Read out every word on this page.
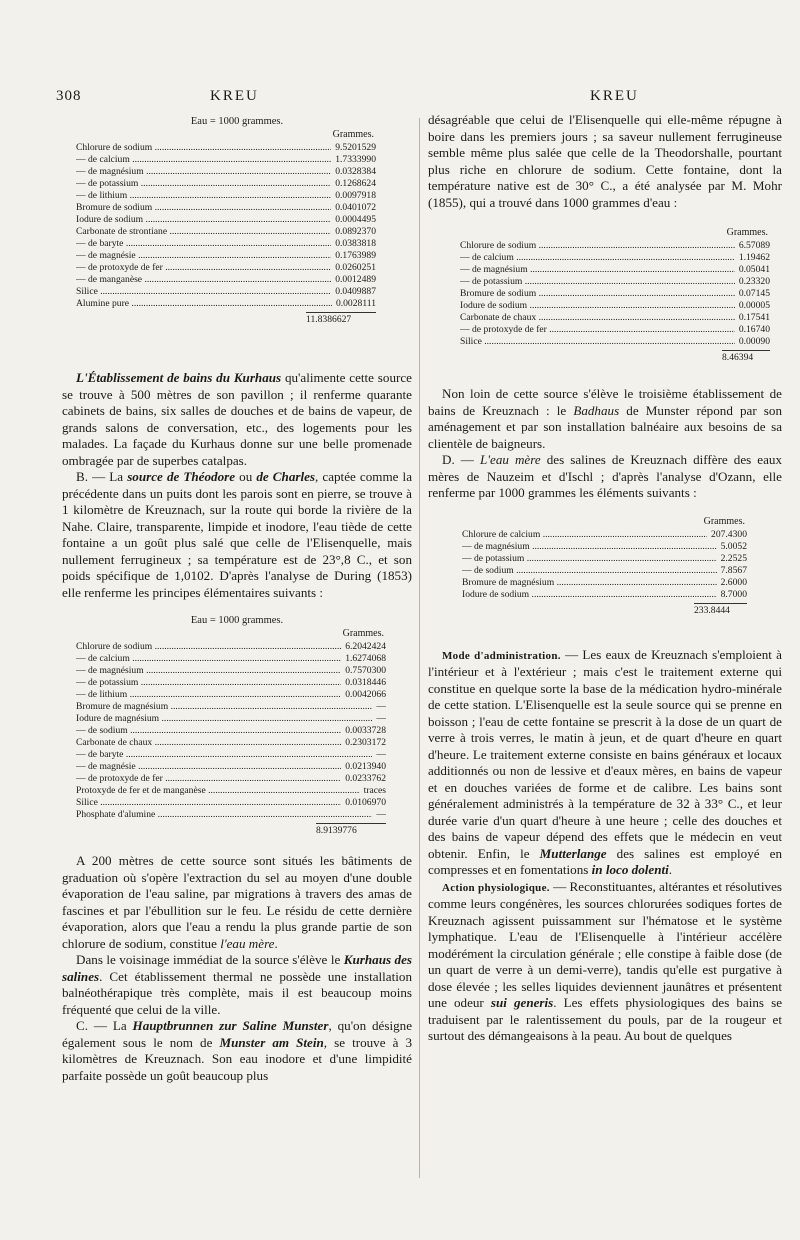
308	KREU	KREU
Eau = 1000 grammes.
Grammes.
Chlorure de sodium .....	9.5201529
— de calcium .....	1.7333990
— de magnésium .....	0.0328384
— de potassium .....	0.1268624
— de lithium .....	0.0097918
Bromure de sodium .....	0.0401072
Iodure de sodium .....	0.0004495
Carbonate de strontiane .....	0.0892370
— de baryte .....	0.0383818
— de magnésie .....	0.1763989
— de protoxyde de fer .....	0.0260251
— de manganèse .....	0.0012489
Silice .....	0.0409887
Alumine pure .....	0.0028111
11.8386627

L'Établissement de bains du Kurhaus qu'alimente cette source se trouve à 500 mètres de son pavillon ; il renferme quarante cabinets de bains, six salles de douches et de bains de vapeur, de grands salons de conversation, etc., des logements pour les malades. La façade du Kurhaus donne sur une belle promenade ombragée par de superbes catalpas.

B. — La source de Théodore ou de Charles, captée comme la précédente dans un puits dont les parois sont en pierre, se trouve à 1 kilomètre de Kreuznach, sur la route qui borde la rivière de la Nahe. Claire, transparente, limpide et inodore, l'eau tiède de cette fontaine a un goût plus salé que celle de l'Elisenquelle, mais nullement ferrugineux ; sa température est de 23°,8 C., et son poids spécifique de 1,0102. D'après l'analyse de During (1853) elle renferme les principes élémentaires suivants :

Eau = 1000 grammes.
Grammes.
Chlorure de sodium .....	6.2042424
— de calcium .....	1.6274068
— de magnésium .....	0.7570300
— de potassium .....	0.0318446
— de lithium .....	0.0042066
Bromure de magnésium .....	—
Iodure de magnésium .....	—
— de sodium .....	0.0033728
Carbonate de chaux .....	0.2303172
— de baryte .....	—
— de magnésie .....	0.0213940
— de protoxyde de fer .....	0.0233762
Protoxyde de fer et de manganèse .....	traces
Silice .....	0.0106970
Phosphate d'alumine .....	—
8.9139776

A 200 mètres de cette source sont situés les bâtiments de graduation où s'opère l'extraction du sel au moyen d'une double évaporation de l'eau saline, par migrations à travers des amas de fascines et par l'ébullition sur le feu. Le résidu de cette dernière évaporation, alors que l'eau a rendu la plus grande partie de son chlorure de sodium, constitue l'eau mère.

Dans le voisinage immédiat de la source s'élève le Kurhaus des salines. Cet établissement thermal ne possède une installation balnéothérapique très complète, mais il est beaucoup moins fréquenté que celui de la ville.

C. — La Hauptbrunnen zur Saline Munster, qu'on désigne également sous le nom de Munster am Stein, se trouve à 3 kilomètres de Kreuznach. Son eau inodore et d'une limpidité parfaite possède un goût beaucoup plus

désagréable que celui de l'Elisenquelle qui elle-même répugne à boire dans les premiers jours ; sa saveur nullement ferrugineuse semble même plus salée que celle de la Theodorshalle, pourtant plus riche en chlorure de sodium. Cette fontaine, dont la température native est de 30° C., a été analysée par M. Mohr (1855), qui a trouvé dans 1000 grammes d'eau :

Grammes.
Chlorure de sodium .....	6.57089
— de calcium .....	1.19462
— de magnésium .....	0.05041
— de potassium .....	0.23320
Bromure de sodium .....	0.07145
Iodure de sodium .....	0.00005
Carbonate de chaux .....	0.17541
— de protoxyde de fer .....	0.16740
Silice .....	0.00090
8.46394

Non loin de cette source s'élève le troisième établissement de bains de Kreuznach : le Badhaus de Munster répond par son aménagement et par son installation balnéaire aux besoins de sa clientèle de baigneurs.

D. — L'eau mère des salines de Kreuznach diffère des eaux mères de Nauzeim et d'Ischl ; d'après l'analyse d'Ozann, elle renferme par 1000 grammes les éléments suivants :

Grammes.
Chlorure de calcium .....	207.4300
— de magnésium .....	5.0052
— de potassium .....	2.2525
— de sodium .....	7.8567
Bromure de magnésium .....	2.6000
Iodure de sodium .....	8.7000
233.8444

Mode d'administration. — Les eaux de Kreuznach s'emploient à l'intérieur et à l'extérieur ; mais c'est le traitement externe qui constitue en quelque sorte la base de la médication hydro-minérale de cette station. L'Elisenquelle est la seule source qui se prenne en boisson ; l'eau de cette fontaine se prescrit à la dose de un quart de verre à trois verres, le matin à jeun, et de quart d'heure en quart d'heure. Le traitement externe consiste en bains généraux et locaux additionnés ou non de lessive et d'eaux mères, en bains de vapeur et en douches variées de forme et de calibre. Les bains sont généralement administrés à la température de 32 à 33° C., et leur durée varie d'un quart d'heure à une heure ; celle des douches et des bains de vapeur dépend des effets que le médecin en veut obtenir. Enfin, le Mutterlange des salines est employé en compresses et en fomentations in loco dolenti.

Action physiologique. — Reconstituantes, altérantes et résolutives comme leurs congénères, les sources chlorurées sodiques fortes de Kreuznach agissent puissamment sur l'hématose et le système lymphatique. L'eau de l'Elisenquelle à l'intérieur accélère modérément la circulation générale ; elle constipe à faible dose (de un quart de verre à un demi-verre), tandis qu'elle est purgative à dose élevée ; les selles liquides deviennent jaunâtres et présentent une odeur sui generis. Les effets physiologiques des bains se traduisent par le ralentissement du pouls, par de la rougeur et surtout des démangeaisons à la peau. Au bout de quelques
